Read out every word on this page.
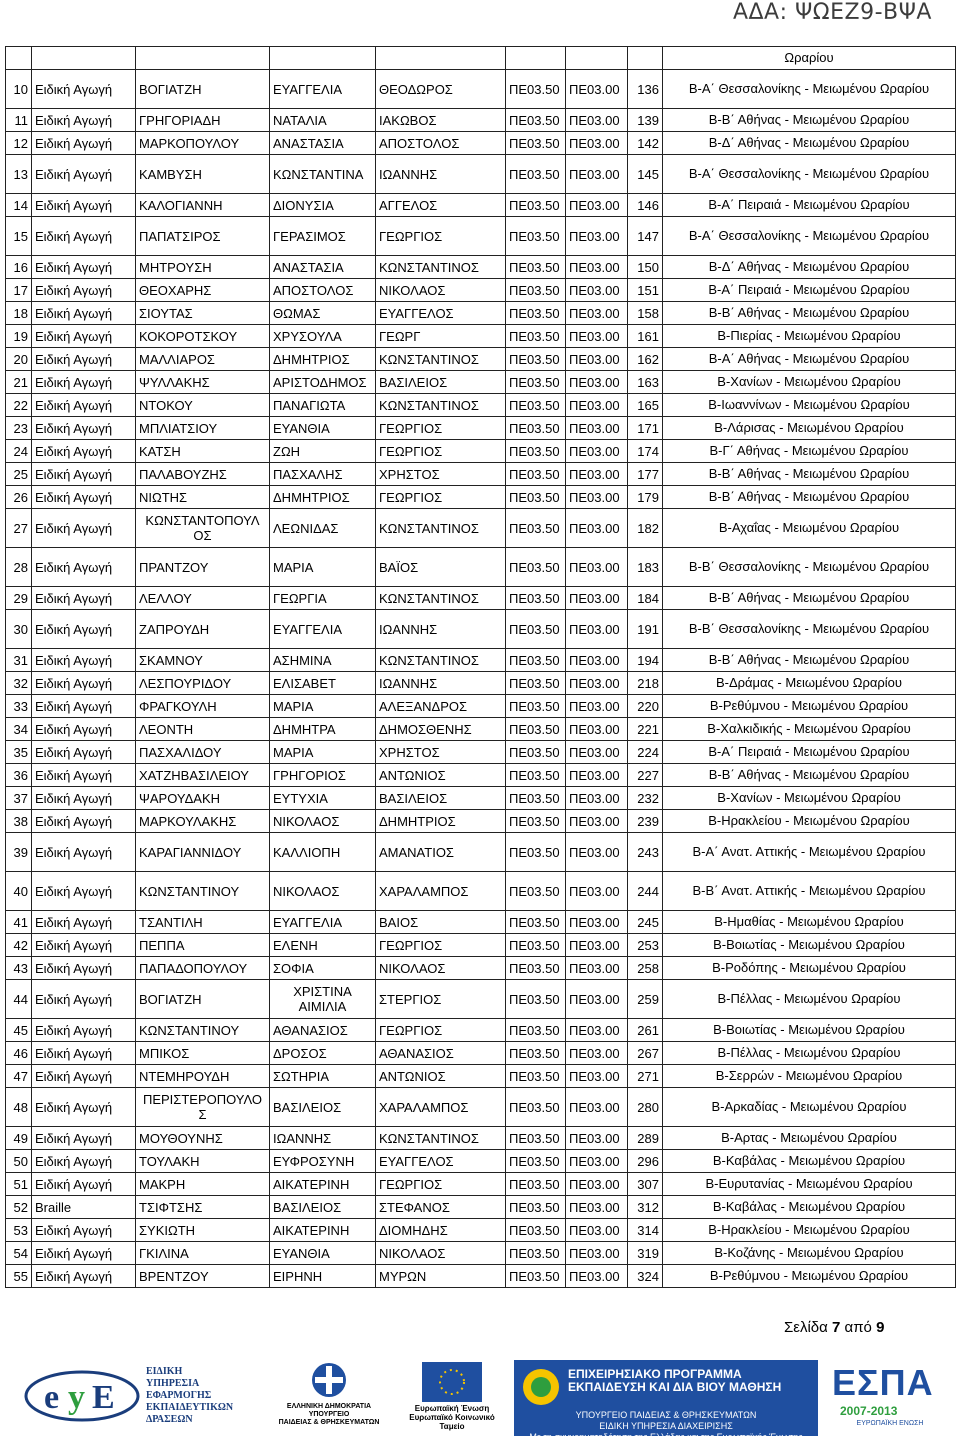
ΑΔΑ: ΨΩΕΖ9-ΒΨΑ
								Ωραρίου
10	Ειδική Αγωγή	ΒΟΓΙΑΤΖΗ	ΕΥΑΓΓΕΛΙΑ	ΘΕΟΔΩΡΟΣ	ΠΕ03.50	ΠΕ03.00	136	Β-Α΄ Θεσσαλονίκης - Μειωμένου Ωραρίου
11	Ειδική Αγωγή	ΓΡΗΓΟΡΙΑΔΗ	ΝΑΤΑΛΙΑ	ΙΑΚΩΒΟΣ	ΠΕ03.50	ΠΕ03.00	139	Β-Β΄ Αθήνας - Μειωμένου Ωραρίου
12	Ειδική Αγωγή	ΜΑΡΚΟΠΟΥΛΟΥ	ΑΝΑΣΤΑΣΙΑ	ΑΠΟΣΤΟΛΟΣ	ΠΕ03.50	ΠΕ03.00	142	Β-Δ΄ Αθήνας - Μειωμένου Ωραρίου
13	Ειδική Αγωγή	ΚΑΜΒΥΣΗ	ΚΩΝΣΤΑΝΤΙΝΑ	ΙΩΑΝΝΗΣ	ΠΕ03.50	ΠΕ03.00	145	Β-Α΄ Θεσσαλονίκης - Μειωμένου Ωραρίου
14	Ειδική Αγωγή	ΚΑΛΟΓΙΑΝΝΗ	ΔΙΟΝΥΣΙΑ	ΑΓΓΕΛΟΣ	ΠΕ03.50	ΠΕ03.00	146	Β-Α΄ Πειραιά - Μειωμένου Ωραρίου
15	Ειδική Αγωγή	ΠΑΠΑΤΣΙΡΟΣ	ΓΕΡΑΣΙΜΟΣ	ΓΕΩΡΓΙΟΣ	ΠΕ03.50	ΠΕ03.00	147	Β-Α΄ Θεσσαλονίκης - Μειωμένου Ωραρίου
16	Ειδική Αγωγή	ΜΗΤΡΟΥΣΗ	ΑΝΑΣΤΑΣΙΑ	ΚΩΝΣΤΑΝΤΙΝΟΣ	ΠΕ03.50	ΠΕ03.00	150	Β-Δ΄ Αθήνας - Μειωμένου Ωραρίου
17	Ειδική Αγωγή	ΘΕΟΧΑΡΗΣ	ΑΠΟΣΤΟΛΟΣ	ΝΙΚΟΛΑΟΣ	ΠΕ03.50	ΠΕ03.00	151	Β-Α΄ Πειραιά - Μειωμένου Ωραρίου
18	Ειδική Αγωγή	ΣΙΟΥΤΑΣ	ΘΩΜΑΣ	ΕΥΑΓΓΕΛΟΣ	ΠΕ03.50	ΠΕ03.00	158	Β-Β΄ Αθήνας - Μειωμένου Ωραρίου
19	Ειδική Αγωγή	ΚΟΚΟΡΟΤΣΚΟΥ	ΧΡΥΣΟΥΛΑ	ΓΕΩΡΓ	ΠΕ03.50	ΠΕ03.00	161	Β-Πιερίας - Μειωμένου Ωραρίου
20	Ειδική Αγωγή	ΜΑΛΛΙΑΡΟΣ	ΔΗΜΗΤΡΙΟΣ	ΚΩΝΣΤΑΝΤΙΝΟΣ	ΠΕ03.50	ΠΕ03.00	162	Β-Α΄ Αθήνας - Μειωμένου Ωραρίου
21	Ειδική Αγωγή	ΨΥΛΛΑΚΗΣ	ΑΡΙΣΤΟΔΗΜΟΣ	ΒΑΣΙΛΕΙΟΣ	ΠΕ03.50	ΠΕ03.00	163	Β-Χανίων - Μειωμένου Ωραρίου
22	Ειδική Αγωγή	ΝΤΟΚΟΥ	ΠΑΝΑΓΙΩΤΑ	ΚΩΝΣΤΑΝΤΙΝΟΣ	ΠΕ03.50	ΠΕ03.00	165	Β-Ιωαννίνων - Μειωμένου Ωραρίου
23	Ειδική Αγωγή	ΜΠΛΙΑΤΣΙΟΥ	ΕΥΑΝΘΙΑ	ΓΕΩΡΓΙΟΣ	ΠΕ03.50	ΠΕ03.00	171	Β-Λάρισας - Μειωμένου Ωραρίου
24	Ειδική Αγωγή	ΚΑΤΣΗ	ΖΩΗ	ΓΕΩΡΓΙΟΣ	ΠΕ03.50	ΠΕ03.00	174	Β-Γ΄ Αθήνας - Μειωμένου Ωραρίου
25	Ειδική Αγωγή	ΠΑΛΑΒΟΥΖΗΣ	ΠΑΣΧΑΛΗΣ	ΧΡΗΣΤΟΣ	ΠΕ03.50	ΠΕ03.00	177	Β-Β΄ Αθήνας - Μειωμένου Ωραρίου
26	Ειδική Αγωγή	ΝΙΩΤΗΣ	ΔΗΜΗΤΡΙΟΣ	ΓΕΩΡΓΙΟΣ	ΠΕ03.50	ΠΕ03.00	179	Β-Β΄ Αθήνας - Μειωμένου Ωραρίου
27	Ειδική Αγωγή	ΚΩΝΣΤΑΝΤΟΠΟΥΛ ΟΣ	ΛΕΩΝΙΔΑΣ	ΚΩΝΣΤΑΝΤΙΝΟΣ	ΠΕ03.50	ΠΕ03.00	182	Β-Αχαΐας - Μειωμένου Ωραρίου
28	Ειδική Αγωγή	ΠΡΑΝΤΖΟΥ	ΜΑΡΙΑ	ΒΑΪΟΣ	ΠΕ03.50	ΠΕ03.00	183	Β-Β΄ Θεσσαλονίκης - Μειωμένου Ωραρίου
29	Ειδική Αγωγή	ΛΕΛΛΟΥ	ΓΕΩΡΓΙΑ	ΚΩΝΣΤΑΝΤΙΝΟΣ	ΠΕ03.50	ΠΕ03.00	184	Β-Β΄ Αθήνας - Μειωμένου Ωραρίου
30	Ειδική Αγωγή	ΖΑΠΡΟΥΔΗ	ΕΥΑΓΓΕΛΙΑ	ΙΩΑΝΝΗΣ	ΠΕ03.50	ΠΕ03.00	191	Β-Β΄ Θεσσαλονίκης - Μειωμένου Ωραρίου
31	Ειδική Αγωγή	ΣΚΑΜΝΟΥ	ΑΣΗΜΙΝΑ	ΚΩΝΣΤΑΝΤΙΝΟΣ	ΠΕ03.50	ΠΕ03.00	194	Β-Β΄ Αθήνας - Μειωμένου Ωραρίου
32	Ειδική Αγωγή	ΛΕΣΠΟΥΡΙΔΟΥ	ΕΛΙΣΑΒΕΤ	ΙΩΑΝΝΗΣ	ΠΕ03.50	ΠΕ03.00	218	Β-Δράμας - Μειωμένου Ωραρίου
33	Ειδική Αγωγή	ΦΡΑΓΚΟΥΛΗ	ΜΑΡΙΑ	ΑΛΕΞΑΝΔΡΟΣ	ΠΕ03.50	ΠΕ03.00	220	Β-Ρεθύμνου - Μειωμένου Ωραρίου
34	Ειδική Αγωγή	ΛΕΟΝΤΗ	ΔΗΜΗΤΡΑ	ΔΗΜΟΣΘΕΝΗΣ	ΠΕ03.50	ΠΕ03.00	221	Β-Χαλκιδικής - Μειωμένου Ωραρίου
35	Ειδική Αγωγή	ΠΑΣΧΑΛΙΔΟΥ	ΜΑΡΙΑ	ΧΡΗΣΤΟΣ	ΠΕ03.50	ΠΕ03.00	224	Β-Α΄ Πειραιά - Μειωμένου Ωραρίου
36	Ειδική Αγωγή	ΧΑΤΖΗΒΑΣΙΛΕΙΟΥ	ΓΡΗΓΟΡΙΟΣ	ΑΝΤΩΝΙΟΣ	ΠΕ03.50	ΠΕ03.00	227	Β-Β΄ Αθήνας - Μειωμένου Ωραρίου
37	Ειδική Αγωγή	ΨΑΡΟΥΔΑΚΗ	ΕΥΤΥΧΙΑ	ΒΑΣΙΛΕΙΟΣ	ΠΕ03.50	ΠΕ03.00	232	Β-Χανίων - Μειωμένου Ωραρίου
38	Ειδική Αγωγή	ΜΑΡΚΟΥΛΑΚΗΣ	ΝΙΚΟΛΑΟΣ	ΔΗΜΗΤΡΙΟΣ	ΠΕ03.50	ΠΕ03.00	239	Β-Ηρακλείου - Μειωμένου Ωραρίου
39	Ειδική Αγωγή	ΚΑΡΑΓΙΑΝΝΙΔΟΥ	ΚΑΛΛΙΟΠΗ	ΑΜΑΝΑΤΙΟΣ	ΠΕ03.50	ΠΕ03.00	243	Β-Α΄ Ανατ. Αττικής - Μειωμένου Ωραρίου
40	Ειδική Αγωγή	ΚΩΝΣΤΑΝΤΙΝΟΥ	ΝΙΚΟΛΑΟΣ	ΧΑΡΑΛΑΜΠΟΣ	ΠΕ03.50	ΠΕ03.00	244	Β-Β΄ Ανατ. Αττικής - Μειωμένου Ωραρίου
41	Ειδική Αγωγή	ΤΣΑΝΤΙΛΗ	ΕΥΑΓΓΕΛΙΑ	ΒΑΙΟΣ	ΠΕ03.50	ΠΕ03.00	245	Β-Ημαθίας - Μειωμένου Ωραρίου
42	Ειδική Αγωγή	ΠΕΠΠΑ	ΕΛΕΝΗ	ΓΕΩΡΓΙΟΣ	ΠΕ03.50	ΠΕ03.00	253	Β-Βοιωτίας - Μειωμένου Ωραρίου
43	Ειδική Αγωγή	ΠΑΠΑΔΟΠΟΥΛΟΥ	ΣΟΦΙΑ	ΝΙΚΟΛΑΟΣ	ΠΕ03.50	ΠΕ03.00	258	Β-Ροδόπης - Μειωμένου Ωραρίου
44	Ειδική Αγωγή	ΒΟΓΙΑΤΖΗ	ΧΡΙΣΤΙΝΑ ΑΙΜΙΛΙΑ	ΣΤΕΡΓΙΟΣ	ΠΕ03.50	ΠΕ03.00	259	Β-Πέλλας - Μειωμένου Ωραρίου
45	Ειδική Αγωγή	ΚΩΝΣΤΑΝΤΙΝΟΥ	ΑΘΑΝΑΣΙΟΣ	ΓΕΩΡΓΙΟΣ	ΠΕ03.50	ΠΕ03.00	261	Β-Βοιωτίας - Μειωμένου Ωραρίου
46	Ειδική Αγωγή	ΜΠΙΚΟΣ	ΔΡΟΣΟΣ	ΑΘΑΝΑΣΙΟΣ	ΠΕ03.50	ΠΕ03.00	267	Β-Πέλλας - Μειωμένου Ωραρίου
47	Ειδική Αγωγή	ΝΤΕΜΗΡΟΥΔΗ	ΣΩΤΗΡΙΑ	ΑΝΤΩΝΙΟΣ	ΠΕ03.50	ΠΕ03.00	271	Β-Σερρών - Μειωμένου Ωραρίου
48	Ειδική Αγωγή	ΠΕΡΙΣΤΕΡΟΠΟΥΛΟ Σ	ΒΑΣΙΛΕΙΟΣ	ΧΑΡΑΛΑΜΠΟΣ	ΠΕ03.50	ΠΕ03.00	280	Β-Αρκαδίας - Μειωμένου Ωραρίου
49	Ειδική Αγωγή	ΜΟΥΘΟΥΝΗΣ	ΙΩΑΝΝΗΣ	ΚΩΝΣΤΑΝΤΙΝΟΣ	ΠΕ03.50	ΠΕ03.00	289	Β-Αρτας - Μειωμένου Ωραρίου
50	Ειδική Αγωγή	ΤΟΥΛΑΚΗ	ΕΥΦΡΟΣΥΝΗ	ΕΥΑΓΓΕΛΟΣ	ΠΕ03.50	ΠΕ03.00	296	Β-Καβάλας - Μειωμένου Ωραρίου
51	Ειδική Αγωγή	ΜΑΚΡΗ	ΑΙΚΑΤΕΡΙΝΗ	ΓΕΩΡΓΙΟΣ	ΠΕ03.50	ΠΕ03.00	307	Β-Ευρυτανίας - Μειωμένου Ωραρίου
52	Braille	ΤΣΙΦΤΣΗΣ	ΒΑΣΙΛΕΙΟΣ	ΣΤΕΦΑΝΟΣ	ΠΕ03.50	ΠΕ03.00	312	Β-Καβάλας - Μειωμένου Ωραρίου
53	Ειδική Αγωγή	ΣΥΚΙΩΤΗ	ΑΙΚΑΤΕΡΙΝΗ	ΔΙΟΜΗΔΗΣ	ΠΕ03.50	ΠΕ03.00	314	Β-Ηρακλείου - Μειωμένου Ωραρίου
54	Ειδική Αγωγή	ΓΚΙΛΙΝΑ	ΕΥΑΝΘΙΑ	ΝΙΚΟΛΑΟΣ	ΠΕ03.50	ΠΕ03.00	319	Β-Κοζάνης - Μειωμένου Ωραρίου
55	Ειδική Αγωγή	ΒΡΕΝΤΖΟΥ	ΕΙΡΗΝΗ	ΜΥΡΩΝ	ΠΕ03.50	ΠΕ03.00	324	Β-Ρεθύμνου - Μειωμένου Ωραρίου
Σελίδα 7 από 9
e y E
ΕΙΔΙΚΗ
ΥΠΗΡΕΣΙΑ
ΕΦΑΡΜΟΓΗΣ
ΕΚΠΑΙΔΕΥΤΙΚΩΝ
ΔΡΑΣΕΩΝ
ΕΛΛΗΝΙΚΗ ΔΗΜΟΚΡΑΤΙΑ
ΥΠΟΥΡΓΕΙΟ
ΠΑΙΔΕΙΑΣ & ΘΡΗΣΚΕΥΜΑΤΩΝ
Ευρωπαϊκή Ένωση
Ευρωπαϊκό Κοινωνικό Ταμείο
ΕΠΙΧΕΙΡΗΣΙΑΚΟ ΠΡΟΓΡΑΜΜΑ
ΕΚΠΑΙΔΕΥΣΗ ΚΑΙ ΔΙΑ ΒΙΟΥ ΜΑΘΗΣΗ
ΥΠΟΥΡΓΕΙΟ ΠΑΙΔΕΙΑΣ & ΘΡΗΣΚΕΥΜΑΤΩΝ
ΕΙΔΙΚΗ ΥΠΗΡΕΣΙΑ ΔΙΑΧΕΙΡΙΣΗΣ
Με τη συγχρηματοδότηση της Ελλάδας και της Ευρωπαϊκής Ένωσης
ΕΣΠΑ
2007-2013
ΕΥΡΩΠΑΪΚΗ ΕΝΩΣΗ
